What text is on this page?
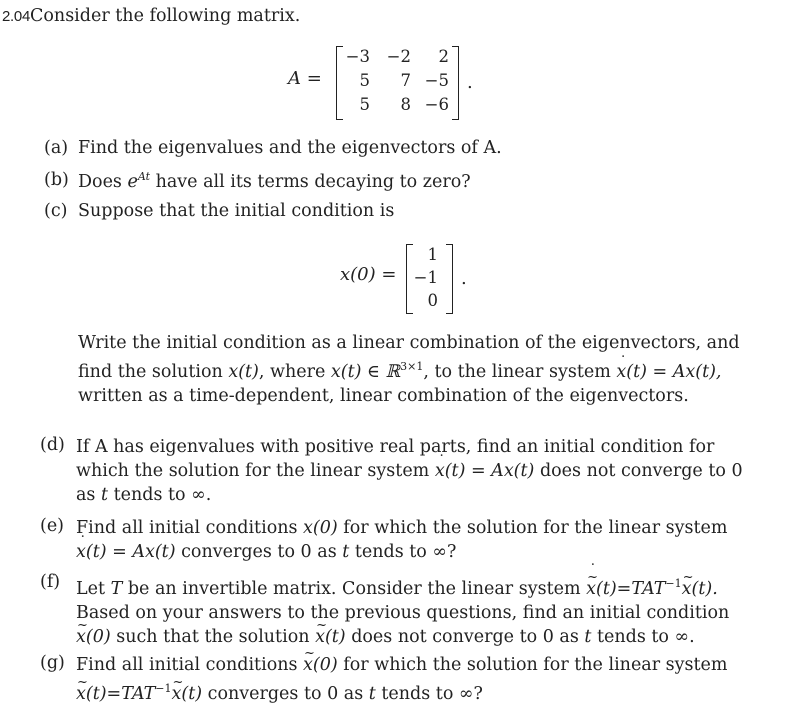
2.04Consider the following matrix.
A =
−3	−2	2
5	7 −5
5	8 −6
.
(a) Find the eigenvalues and the eigenvectors of A.
(b) Does $e^{At}$ have all its terms decaying to zero?
(c) Suppose that the initial condition is
x(0) =
1
−1
0
.
Write the initial condition as a linear combination of the eigenvectors, and
find the solution x(t), where x(t) ∈ ℝ$^{3\times 1}$, to the linear system ˙ x(t) = Ax(t),
written as a time-dependent, linear combination of the eigenvectors.
(d) If A has eigenvalues with positive real parts, find an initial condition for
which the solution for the linear system ˙ x(t) = Ax(t) does not converge to 0
as t tends to ∞.
(e) Find all initial conditions x(0) for which the solution for the linear system
˙ x(t) = Ax(t) converges to 0 as t tends to ∞?
(f) Let T be an invertible matrix. Consider the linear system ~ x $˙(t)=TAT^{-1}\sim$ x(t).
Based on your answers to the previous questions, find an initial condition
~ x(0) such that the solution ~ x(t) does not converge to 0 as t tends to ∞.
(g) Find all initial conditions ~ x(0) for which the solution for the linear system
~ x $˙(t)=TAT^{-1}\sim$ x(t) converges to 0 as t tends to ∞?
